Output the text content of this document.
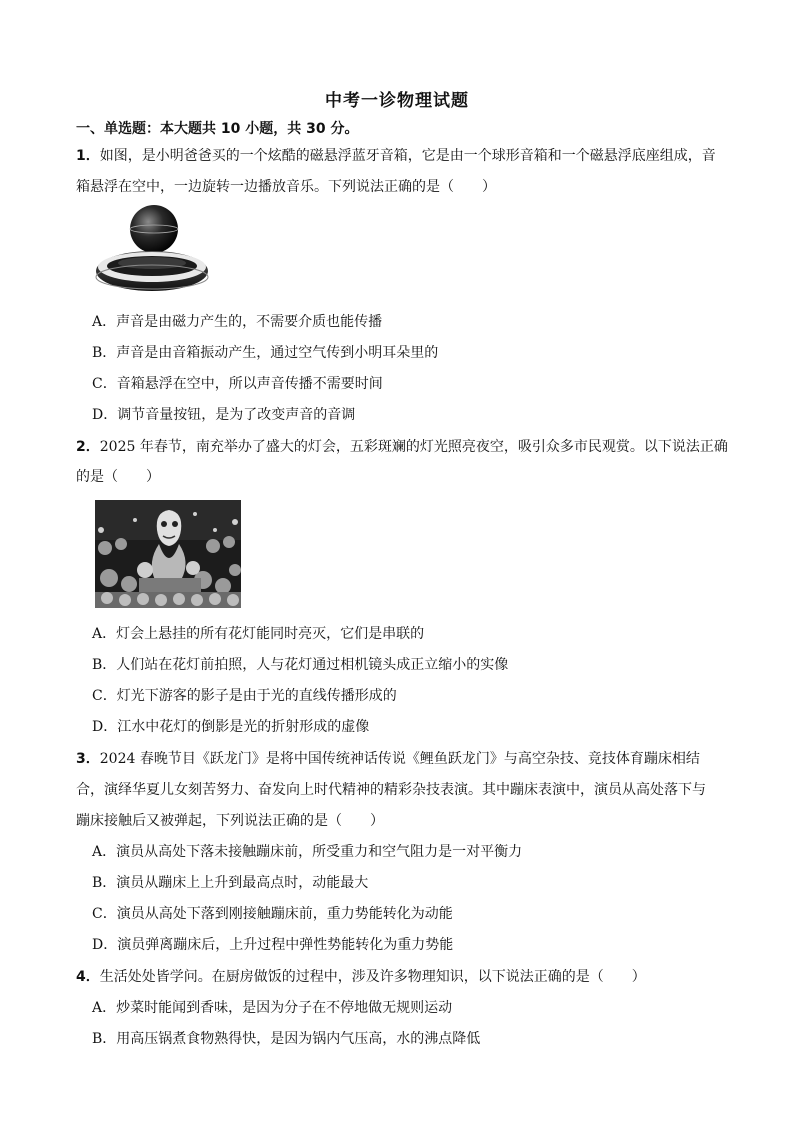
中考一诊物理试题
一、单选题：本大题共 10 小题，共 30 分。
1．如图，是小明爸爸买的一个炫酷的磁悬浮蓝牙音箱，它是由一个球形音箱和一个磁悬浮底座组成，音
箱悬浮在空中，一边旋转一边播放音乐。下列说法正确的是（　　）
A．声音是由磁力产生的，不需要介质也能传播
B．声音是由音箱振动产生，通过空气传到小明耳朵里的
C．音箱悬浮在空中，所以声音传播不需要时间
D．调节音量按钮，是为了改变声音的音调
2．2025 年春节，南充举办了盛大的灯会，五彩斑斓的灯光照亮夜空，吸引众多市民观赏。以下说法正确
的是（　　）
A．灯会上悬挂的所有花灯能同时亮灭，它们是串联的
B．人们站在花灯前拍照，人与花灯通过相机镜头成正立缩小的实像
C．灯光下游客的影子是由于光的直线传播形成的
D．江水中花灯的倒影是光的折射形成的虚像
3．2024 春晚节目《跃龙门》是将中国传统神话传说《鲤鱼跃龙门》与高空杂技、竞技体育蹦床相结
合，演绎华夏儿女刻苦努力、奋发向上时代精神的精彩杂技表演。其中蹦床表演中，演员从高处落下与
蹦床接触后又被弹起，下列说法正确的是（　　）
A．演员从高处下落未接触蹦床前，所受重力和空气阻力是一对平衡力
B．演员从蹦床上上升到最高点时，动能最大
C．演员从高处下落到刚接触蹦床前，重力势能转化为动能
D．演员弹离蹦床后，上升过程中弹性势能转化为重力势能
4．生活处处皆学问。在厨房做饭的过程中，涉及许多物理知识，以下说法正确的是（　　）
A．炒菜时能闻到香味，是因为分子在不停地做无规则运动
B．用高压锅煮食物熟得快，是因为锅内气压高，水的沸点降低
